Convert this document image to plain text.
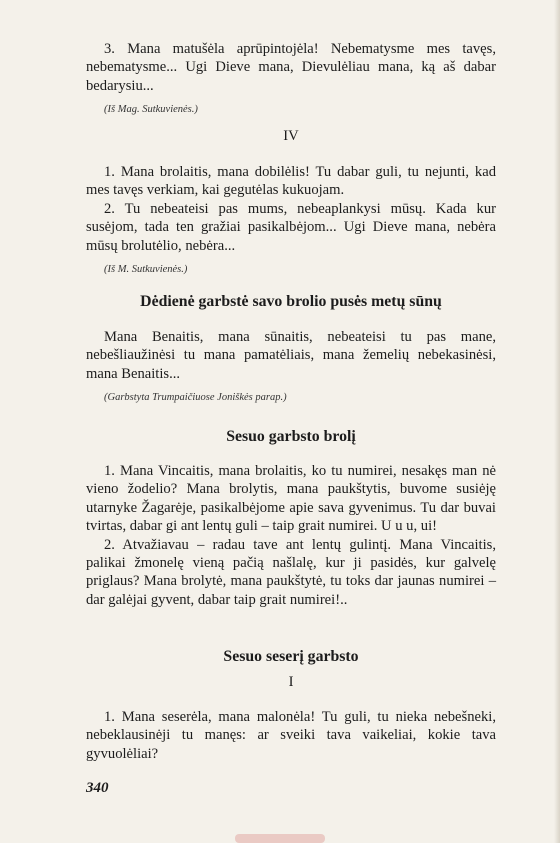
3. Mana matušėla aprūpintojėla! Nebematysme mes tavęs, nebematysme... Ugi Dieve mana, Dievulėliau mana, ką aš dabar bedarysiu...

(Iš Mag. Sutkuvienės.)

IV

1. Mana brolaitis, mana dobilėlis! Tu dabar guli, tu nejunti, kad mes tavęs verkiam, kai gegutėlas kukuojam.

2. Tu nebeateisi pas mums, nebeaplankysi mūsų. Kada kur susėjom, tada ten gražiai pasikalbėjom... Ugi Dieve mana, nebėra mūsų brolutėlio, nebėra...

(Iš M. Sutkuvienės.)

Dėdienė garbstė savo brolio pusės metų sūnų

Mana Benaitis, mana sūnaitis, nebeateisi tu pas mane, nebešliaužinėsi tu mana pamatėliais, mana žemelių nebekasinėsi, mana Benaitis...

(Garbstyta Trumpaičiuose Joniškės parap.)

Sesuo garbsto brolį

1. Mana Vincaitis, mana brolaitis, ko tu numirei, nesakęs man nė vieno žodelio? Mana brolytis, mana paukštytis, buvome susiėję utarnyke Žagarėje, pasikalbėjome apie sava gyvenimus. Tu dar buvai tvirtas, dabar gi ant lentų guli – taip grait numirei. U u u, ui!

2. Atvažiavau – radau tave ant lentų gulintį. Mana Vincaitis, palikai žmonelę vieną pačią našlalę, kur ji pasidės, kur galvelę priglaus? Mana brolytė, mana paukštytė, tu toks dar jaunas numirei – dar galėjai gyvent, dabar taip grait numirei!..

Sesuo seserį garbsto

I

1. Mana seserėla, mana malonėla! Tu guli, tu nieka nebešneki, nebeklausinėji tu manęs: ar sveiki tava vaikeliai, kokie tava gyvuolėliai?

340
